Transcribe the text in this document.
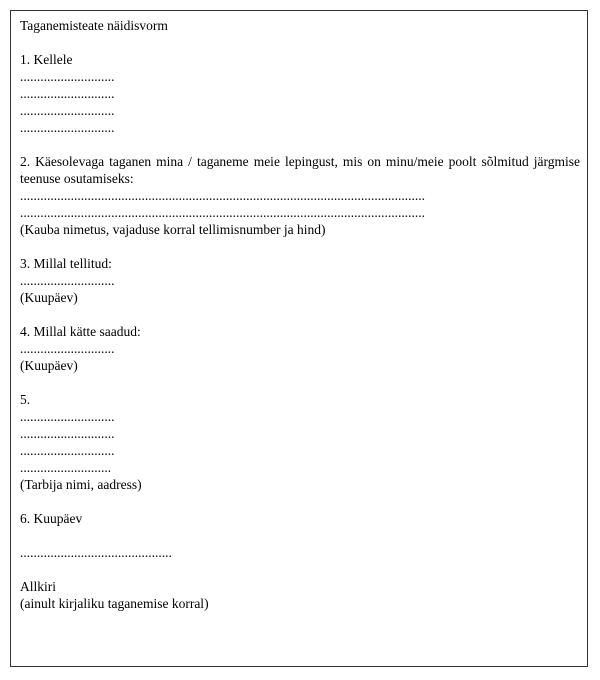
Taganemisteate näidisvorm
1. Kellele
............................
............................
............................
............................
2. Käesolevaga taganen mina / taganeme meie lepingust, mis on minu/meie poolt sõlmitud järgmise teenuse osutamiseks:
........................................................................................................................
........................................................................................................................
(Kauba nimetus, vajaduse korral tellimisnumber ja hind)
3. Millal tellitud:
............................
(Kuupäev)
4. Millal kätte saadud:
............................
(Kuupäev)
5.
............................
............................
............................
...........................
(Tarbija nimi, aadress)
6. Kuupäev
.............................................
Allkiri
(ainult kirjaliku taganemise korral)
